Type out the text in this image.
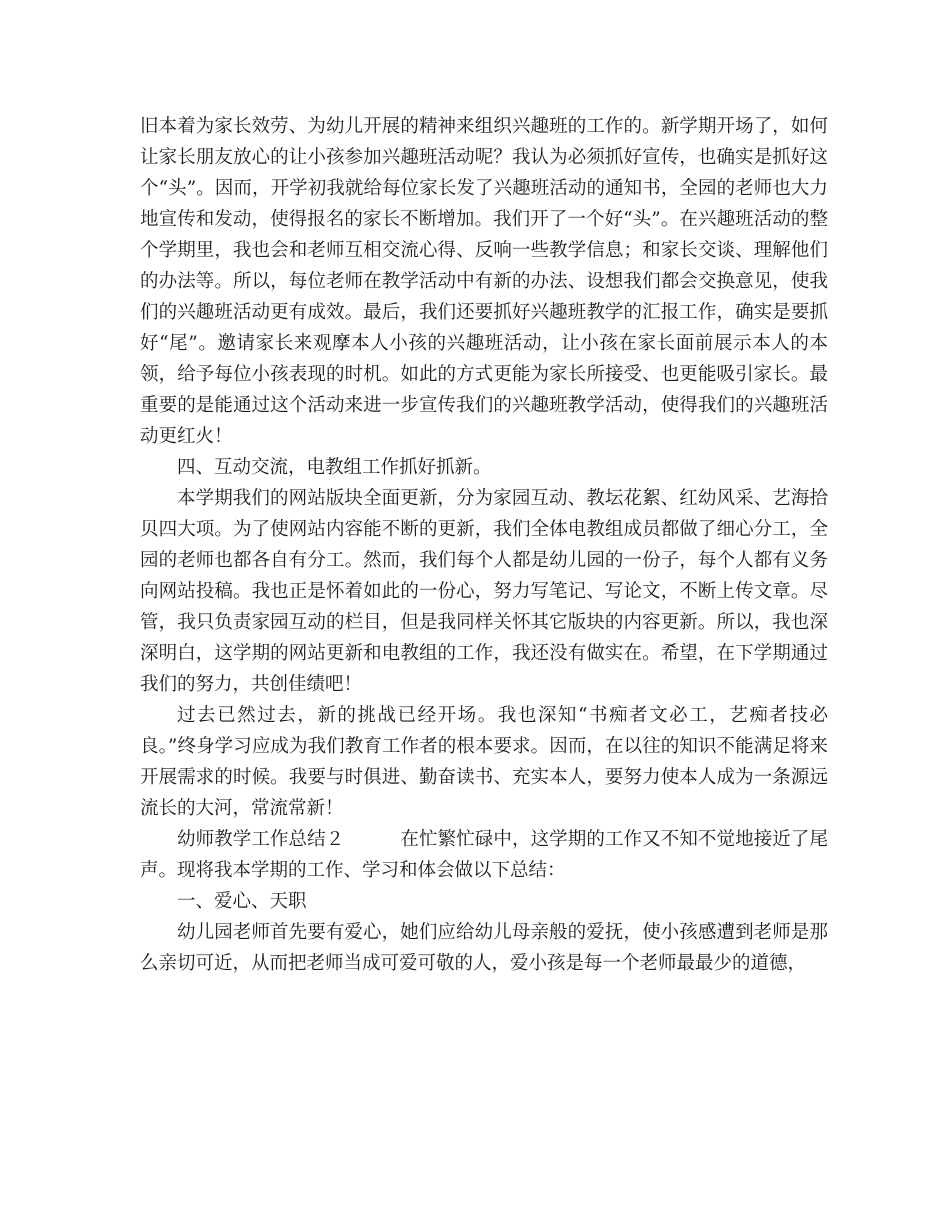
旧本着为家长效劳、为幼儿开展的精神来组织兴趣班的工作的。新学期开场了，如何让家长朋友放心的让小孩参加兴趣班活动呢？我认为必须抓好宣传，也确实是抓好这个“头”。因而，开学初我就给每位家长发了兴趣班活动的通知书，全园的老师也大力地宣传和发动，使得报名的家长不断增加。我们开了一个好“头”。在兴趣班活动的整个学期里，我也会和老师互相交流心得、反响一些教学信息；和家长交谈、理解他们的办法等。所以，每位老师在教学活动中有新的办法、设想我们都会交换意见，使我们的兴趣班活动更有成效。最后，我们还要抓好兴趣班教学的汇报工作，确实是要抓好“尾”。邀请家长来观摩本人小孩的兴趣班活动，让小孩在家长面前展示本人的本领，给予每位小孩表现的时机。如此的方式更能为家长所接受、也更能吸引家长。最重要的是能通过这个活动来进一步宣传我们的兴趣班教学活动，使得我们的兴趣班活动更红火！

四、互动交流，电教组工作抓好抓新。

本学期我们的网站版块全面更新，分为家园互动、教坛花絮、红幼风采、艺海拾贝四大项。为了使网站内容能不断的更新，我们全体电教组成员都做了细心分工，全园的老师也都各自有分工。然而，我们每个人都是幼儿园的一份子，每个人都有义务向网站投稿。我也正是怀着如此的一份心，努力写笔记、写论文，不断上传文章。尽管，我只负责家园互动的栏目，但是我同样关怀其它版块的内容更新。所以，我也深深明白，这学期的网站更新和电教组的工作，我还没有做实在。希望，在下学期通过我们的努力，共创佳绩吧！

过去已然过去，新的挑战已经开场。我也深知“书痴者文必工，艺痴者技必良。”终身学习应成为我们教育工作者的根本要求。因而，在以往的知识不能满足将来开展需求的时候。我要与时俱进、勤奋读书、充实本人，要努力使本人成为一条源远流长的大河，常流常新！

幼师教学工作总结２	在忙繁忙碌中，这学期的工作又不知不觉地接近了尾声。现将我本学期的工作、学习和体会做以下总结：

一、爱心、天职

幼儿园老师首先要有爱心，她们应给幼儿母亲般的爱抚，使小孩感遭到老师是那么亲切可近，从而把老师当成可爱可敬的人，爱小孩是每一个老师最最少的道德，
